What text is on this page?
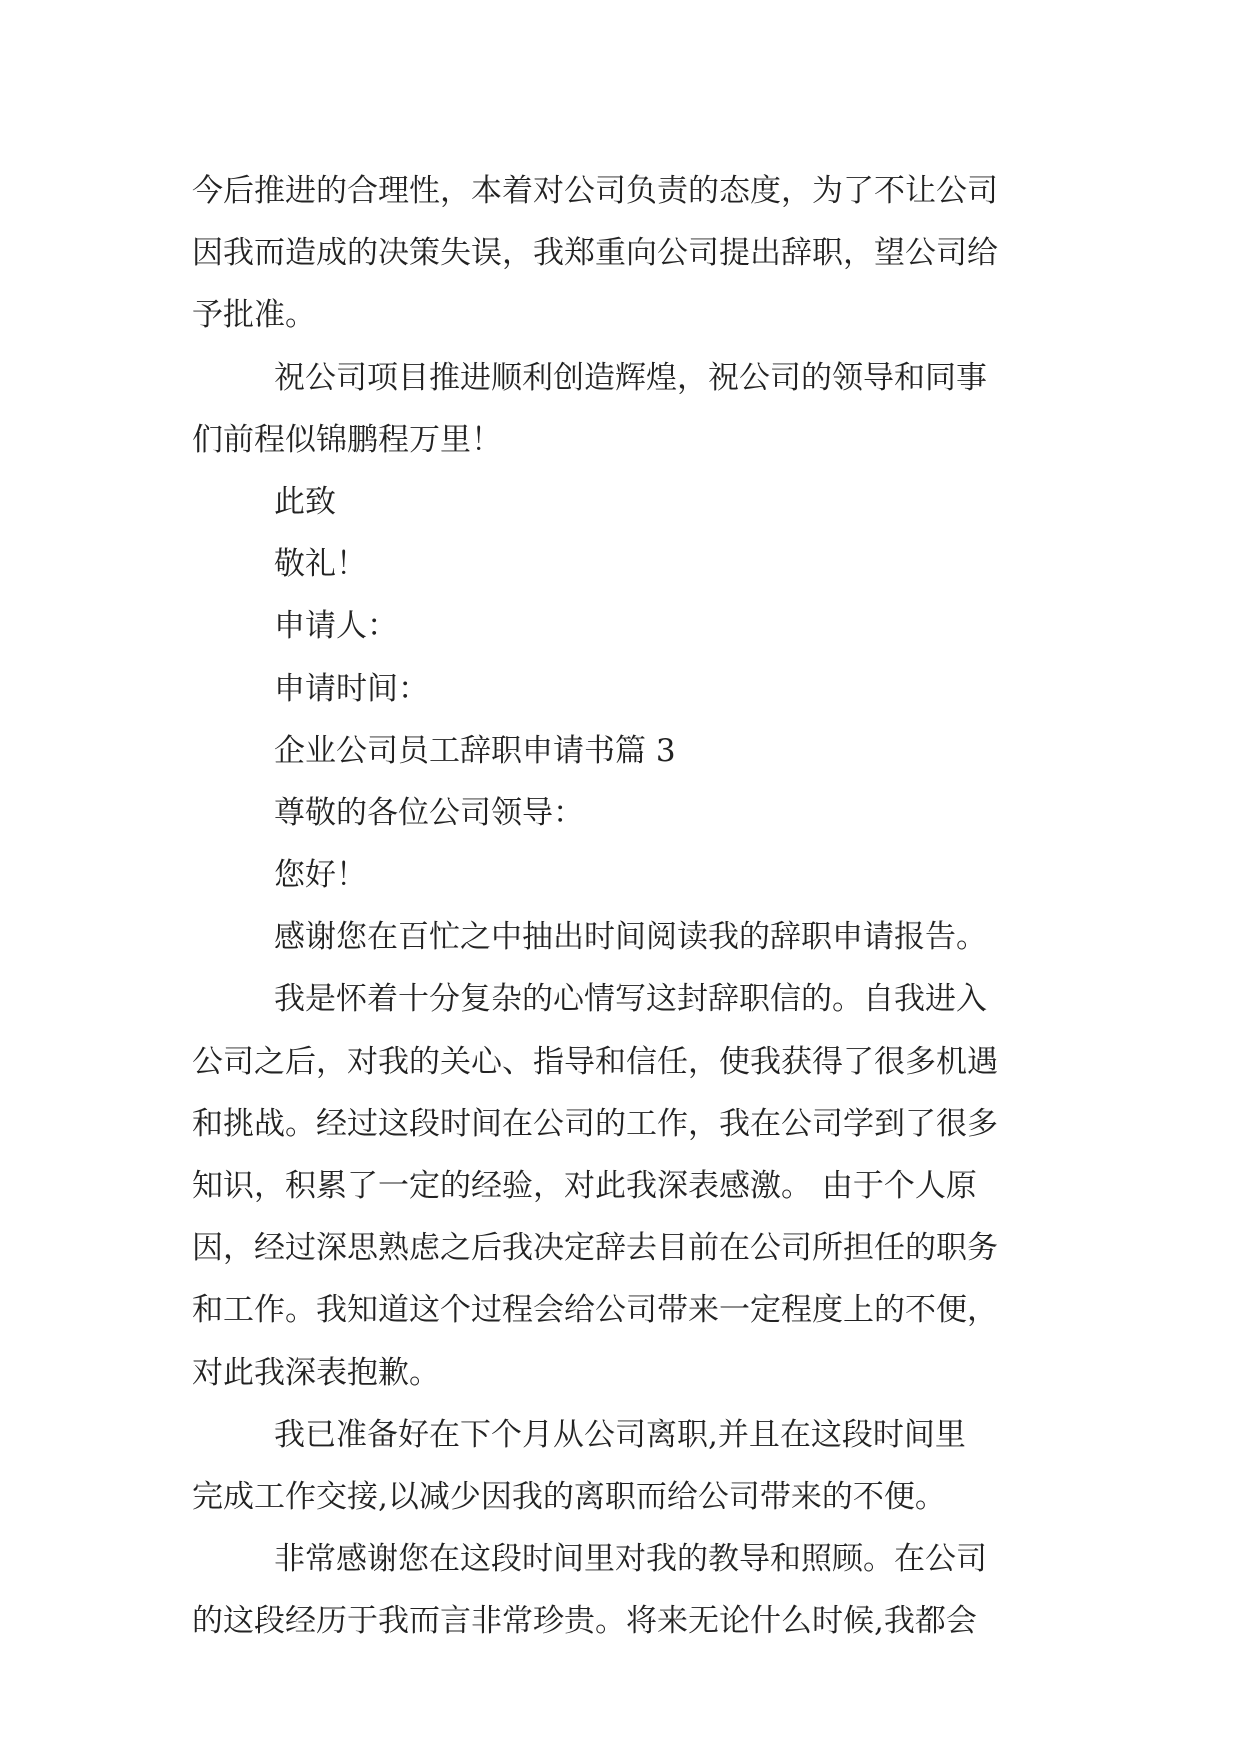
今后推进的合理性，本着对公司负责的态度，为了不让公司
因我而造成的决策失误，我郑重向公司提出辞职，望公司给
予批准。
祝公司项目推进顺利创造辉煌，祝公司的领导和同事
们前程似锦鹏程万里！
此致
敬礼！
申请人：
申请时间：
企业公司员工辞职申请书篇 3
尊敬的各位公司领导：
您好！
感谢您在百忙之中抽出时间阅读我的辞职申请报告。
我是怀着十分复杂的心情写这封辞职信的。自我进入
公司之后，对我的关心、指导和信任，使我获得了很多机遇
和挑战。经过这段时间在公司的工作，我在公司学到了很多
知识，积累了一定的经验，对此我深表感激。 由于个人原
因，经过深思熟虑之后我决定辞去目前在公司所担任的职务
和工作。我知道这个过程会给公司带来一定程度上的不便，
对此我深表抱歉。
我已准备好在下个月从公司离职,并且在这段时间里
完成工作交接,以减少因我的离职而给公司带来的不便。
非常感谢您在这段时间里对我的教导和照顾。在公司
的这段经历于我而言非常珍贵。将来无论什么时候,我都会
